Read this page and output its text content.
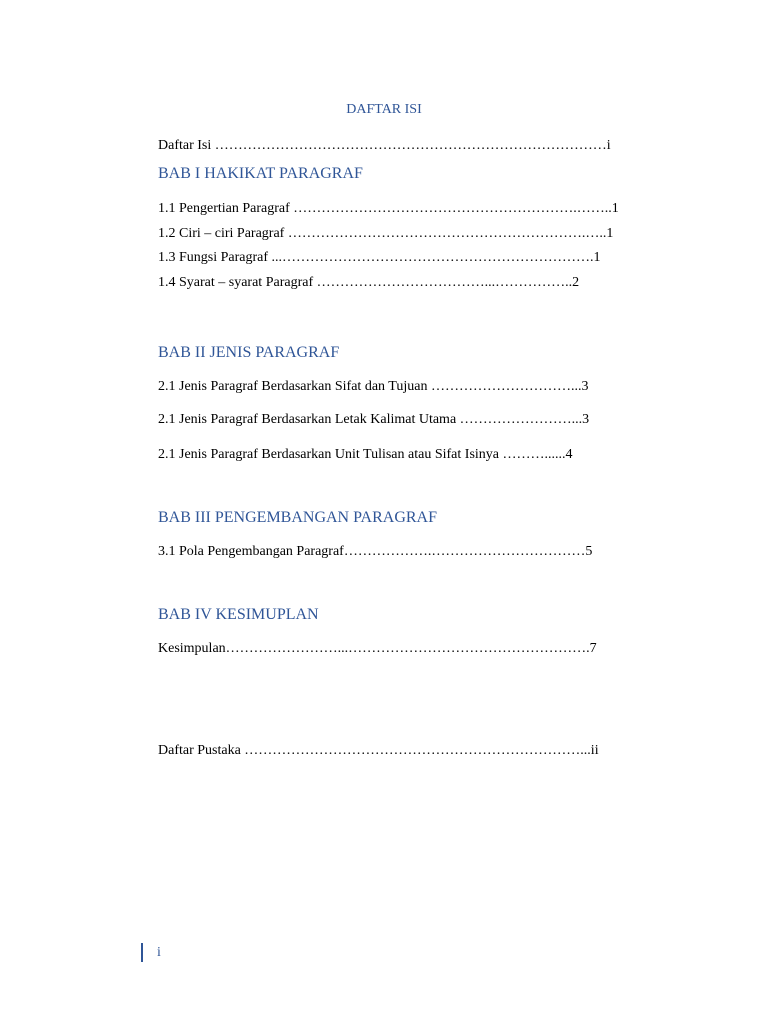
DAFTAR ISI
Daftar Isi …………………………………………………………………………i
BAB I HAKIKAT PARAGRAF
1.1 Pengertian Paragraf …………………………………………………….……..1
1.2 Ciri – ciri Paragraf ……………………………………………………….…..1
1.3 Fungsi Paragraf ...………………………………………………………….1
1.4 Syarat – syarat Paragraf ………………………………...……………..2
BAB II JENIS PARAGRAF
2.1 Jenis Paragraf Berdasarkan Sifat dan Tujuan …………………………...3
2.1 Jenis Paragraf Berdasarkan Letak Kalimat Utama ……………………...3
2.1 Jenis Paragraf Berdasarkan Unit Tulisan atau Sifat Isinya ………......4
BAB III PENGEMBANGAN PARAGRAF
3.1 Pola Pengembangan Paragraf……………….……………………………5
BAB IV KESIMUPLAN
Kesimpulan……………………...…………………………………………….7
Daftar Pustaka ………………………………………………………………...ii
i
